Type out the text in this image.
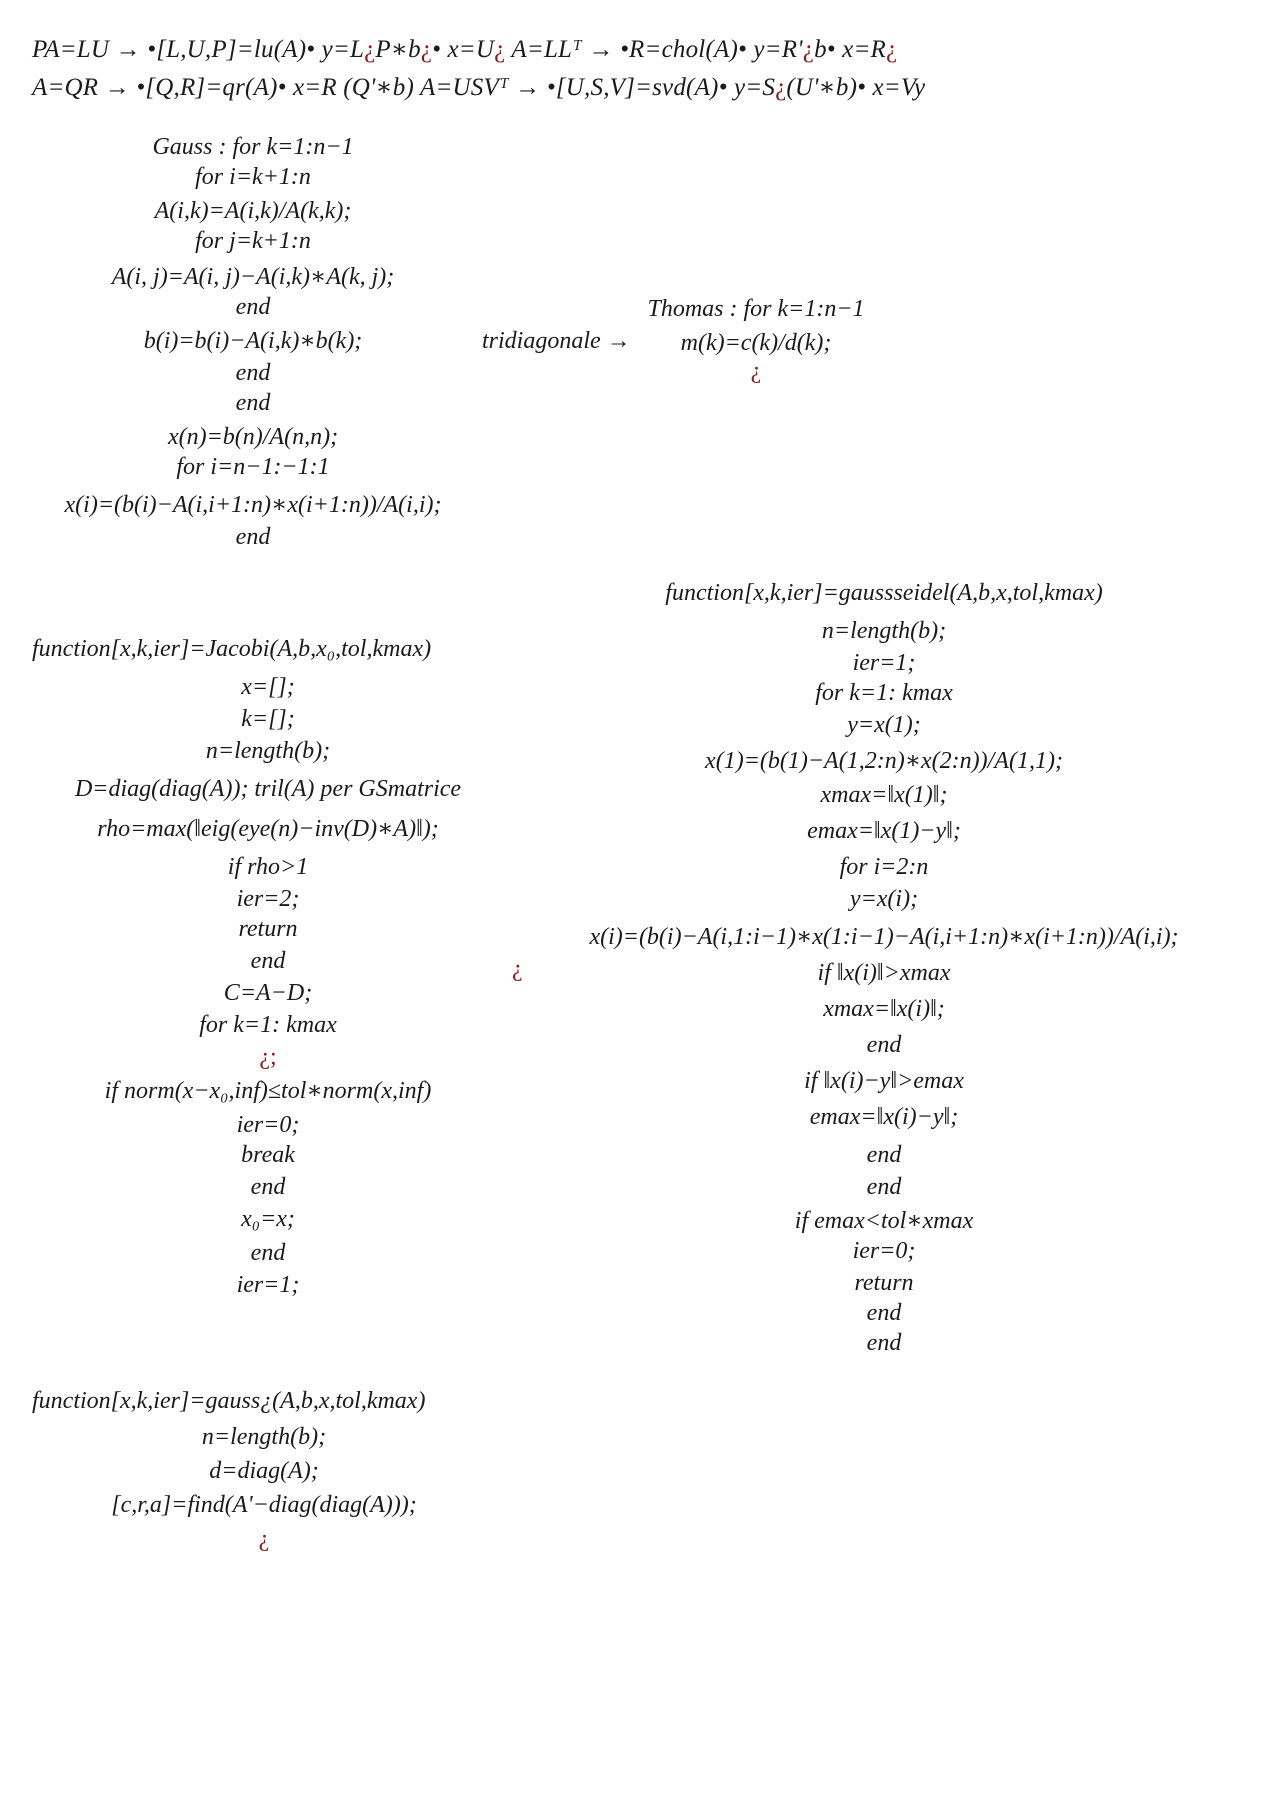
PA=LU → •[L,U,P]=lu(A)• y=L¿P∗b¿• x=U¿ A=LLᵀ → •R=chol(A)• y=R'¿b• x=R¿
A=QR → •[Q,R]=qr(A)• x=R (Q'∗b) A=USVᵀ → •[U,S,V]=svd(A)• y=S¿(U'∗b)• x=Vy
Gauss : for k=1:n−1
for i=k+1:n
A(i,k)=A(i,k)/A(k,k);
for j=k+1:n
A(i, j)=A(i, j)−A(i,k)∗A(k, j);
end
b(i)=b(i)−A(i,k)∗b(k);
end
end
x(n)=b(n)/A(n,n);
for i=n−1:−1:1
x(i)=(b(i)−A(i,i+1:n)∗x(i+1:n))/A(i,i);
end
tridiagonale →
Thomas : for k=1:n−1
m(k)=c(k)/d(k);
¿
function[x,k,ier]=Jacobi(A,b,x₀,tol,kmax)
x=[];
k=[];
n=length(b);
D=diag(diag(A)); tril(A) per GSmatrice
rho=max(‖eig(eye(n)−inv(D)∗A)‖);
if rho>1
ier=2;
return
end
C=A−D;
for k=1: kmax
¿;
if norm(x−x₀,inf)≤tol∗norm(x,inf)
ier=0;
break
end
x₀=x;
end
ier=1;
function[x,k,ier]=gaussseidel(A,b,x,tol,kmax)
n=length(b);
ier=1;
for k=1: kmax
y=x(1);
x(1)=(b(1)−A(1,2:n)∗x(2:n))/A(1,1);
xmax=‖x(1)‖;
emax=‖x(1)−y‖;
for i=2:n
y=x(i);
x(i)=(b(i)−A(i,1:i−1)∗x(1:i−1)−A(i,i+1:n)∗x(i+1:n))/A(i,i);
if ‖x(i)‖>xmax
xmax=‖x(i)‖;
end
if ‖x(i)−y‖>emax
emax=‖x(i)−y‖;
end
end
if emax<tol∗xmax
ier=0;
return
end
end
¿
function[x,k,ier]=gauss¿(A,b,x,tol,kmax)
n=length(b);
d=diag(A);
[c,r,a]=find(A'−diag(diag(A)));
¿
